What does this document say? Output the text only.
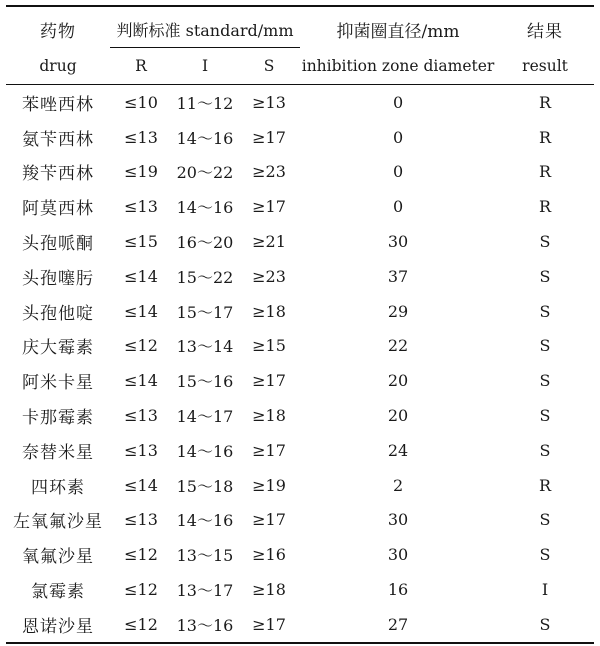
药物	判断标准 standard/mm			抑菌圈直径/mm	结果
drug	R	I	S	inhibition zone diameter	result
苯唑西林	≤10	11～12	≥13	0	R
氨苄西林	≤13	14～16	≥17	0	R
羧苄西林	≤19	20～22	≥23	0	R
阿莫西林	≤13	14～16	≥17	0	R
头孢哌酮	≤15	16～20	≥21	30	S
头孢噻肟	≤14	15～22	≥23	37	S
头孢他啶	≤14	15～17	≥18	29	S
庆大霉素	≤12	13～14	≥15	22	S
阿米卡星	≤14	15～16	≥17	20	S
卡那霉素	≤13	14～17	≥18	20	S
奈替米星	≤13	14～16	≥17	24	S
四环素	≤14	15～18	≥19	2	R
左氧氟沙星	≤13	14～16	≥17	30	S
氧氟沙星	≤12	13～15	≥16	30	S
氯霉素	≤12	13～17	≥18	16	I
恩诺沙星	≤12	13～16	≥17	27	S
